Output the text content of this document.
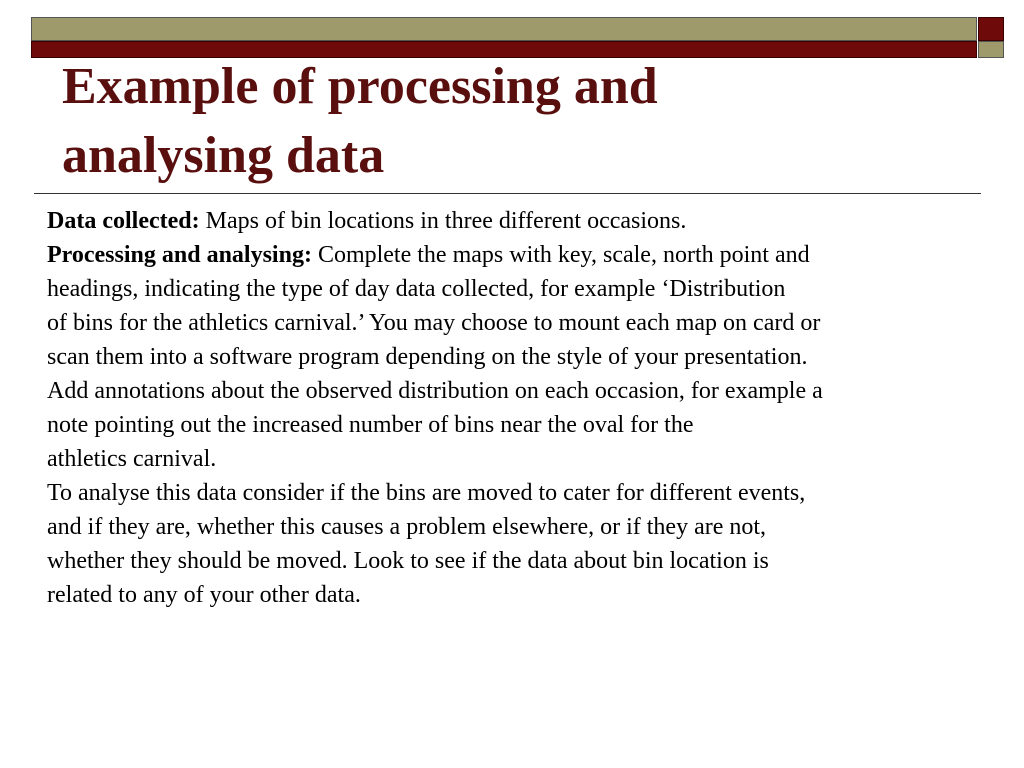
Example of processing and
analysing data

Data collected: Maps of bin locations in three different occasions.

Processing and analysing: Complete the maps with key, scale, north point and

headings, indicating the type of day data collected, for example ‘Distribution

of bins for the athletics carnival.’ You may choose to mount each map on card or

scan them into a software program depending on the style of your presentation.

Add annotations about the observed distribution on each occasion, for example a

note pointing out the increased number of bins near the oval for the

athletics carnival.

To analyse this data consider if the bins are moved to cater for different events,

and if they are, whether this causes a problem elsewhere, or if they are not,

whether they should be moved. Look to see if the data about bin location is

related to any of your other data.
